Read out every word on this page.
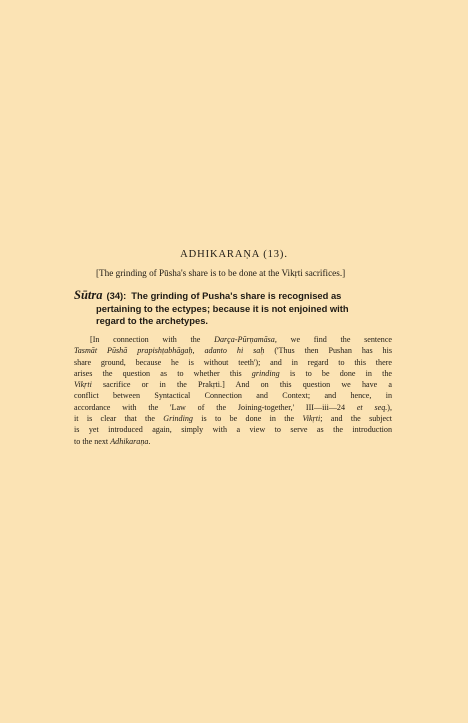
ADHIKARAṆA (13).
[The grinding of Pūsha's share is to be done at the Vikṛti sacrifices.]
Sūtra (34): The grinding of Pusha's share is recognised as
pertaining to the ectypes; because it is not enjoined with
regard to the archetypes.
[In connection with the Darça-Pūrṇamāsa, we find the sentence
Tasmāt Pūshā prapishṭabhāgaḥ, adanto hi saḥ ('Thus then Pushan has his
share ground, because he is without teeth'); and in regard to this there
arises the question as to whether this grinding is to be done in the
Vikṛti sacrifice or in the Prakṛti.] And on this question we have a
conflict between Syntactical Connection and Context; and hence, in
accordance with the 'Law of the Joining-together,' III—iii—24 et seq.),
it is clear that the Grinding is to be done in the Vikṛti; and the subject
is yet introduced again, simply with a view to serve as the introduction
to the next Adhikaraṇa.
